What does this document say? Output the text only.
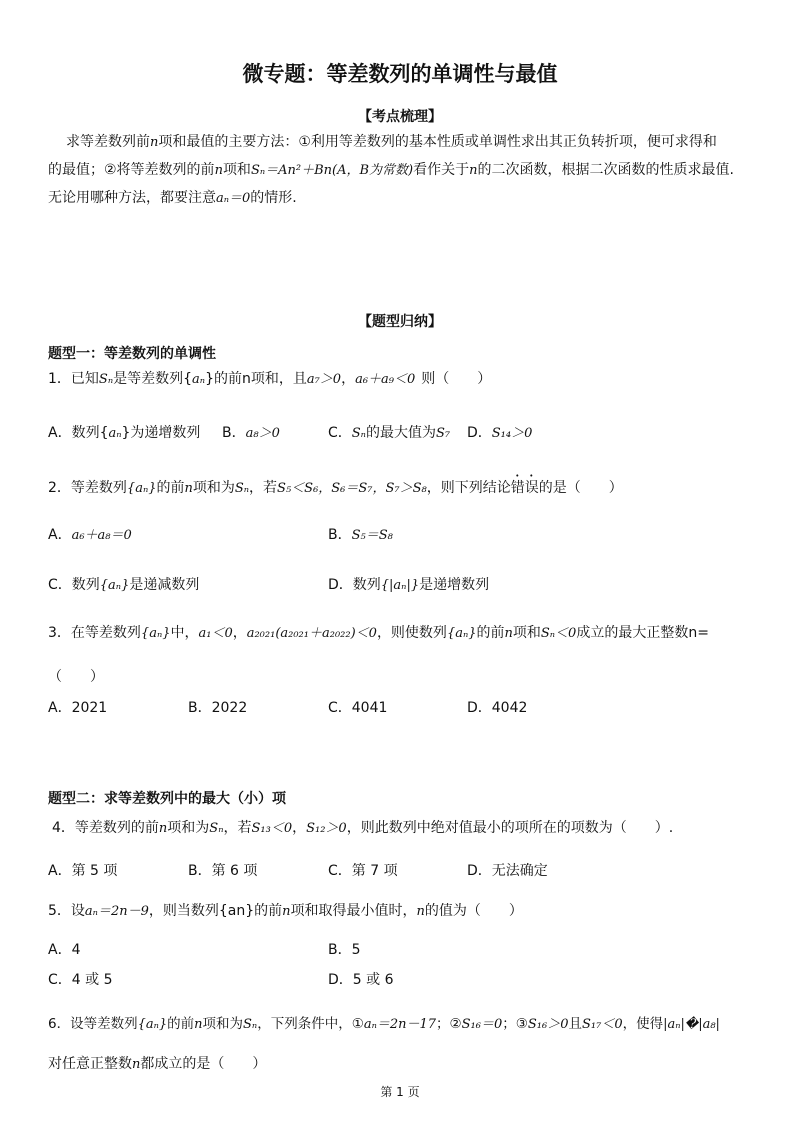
微专题：等差数列的单调性与最值
【考点梳理】
求等差数列前n项和最值的主要方法：①利用等差数列的基本性质或单调性求出其正负转折项，便可求得和
的最值；②将等差数列的前n项和Sₙ＝An²＋Bn(A，B为常数)看作关于n的二次函数，根据二次函数的性质求最值.
无论用哪种方法，都要注意aₙ＝0的情形.
【题型归纳】
题型一：等差数列的单调性
1．已知Sₙ是等差数列{aₙ}的前n项和，且a₇＞0，a₆＋a₉＜0 则（　　）
A．数列{aₙ}为递增数列 B．a₈＞0	C．Sₙ的最大值为S₇ D．S₁₄＞0
2．等差数列{aₙ}的前n项和为Sₙ，若S₅＜S₆，S₆＝S₇，S₇＞S₈，则下列结论错误的是（　　）
A．a₆＋a₈＝0	B．S₅＝S₈
C．数列{aₙ}是递减数列	D．数列{|aₙ|}是递增数列
3．在等差数列{aₙ}中，a₁＜0，a₂₀₂₁(a₂₀₂₁＋a₂₀₂₂)＜0，则使数列{aₙ}的前n项和Sₙ＜0成立的最大正整数n=
（　　）
A．2021	B．2022	C．4041	D．4042
题型二：求等差数列中的最大（小）项
4．等差数列的前n项和为Sₙ，若S₁₃＜0，S₁₂＞0，则此数列中绝对值最小的项所在的项数为（　　）.
A．第 5 项	B．第 6 项	C．第 7 项	D．无法确定
5．设aₙ＝2n－9，则当数列{an}的前n项和取得最小值时，n的值为（　　）
A．4	B．5
C．4 或 5	D．5 或 6
6．设等差数列{aₙ}的前n项和为Sₙ，下列条件中，①aₙ＝2n－17；②S₁₆＝0；③S₁₆＞0且S₁₇＜0，使得|aₙ|�|a₈|
对任意正整数n都成立的是（　　）
第 1 页
